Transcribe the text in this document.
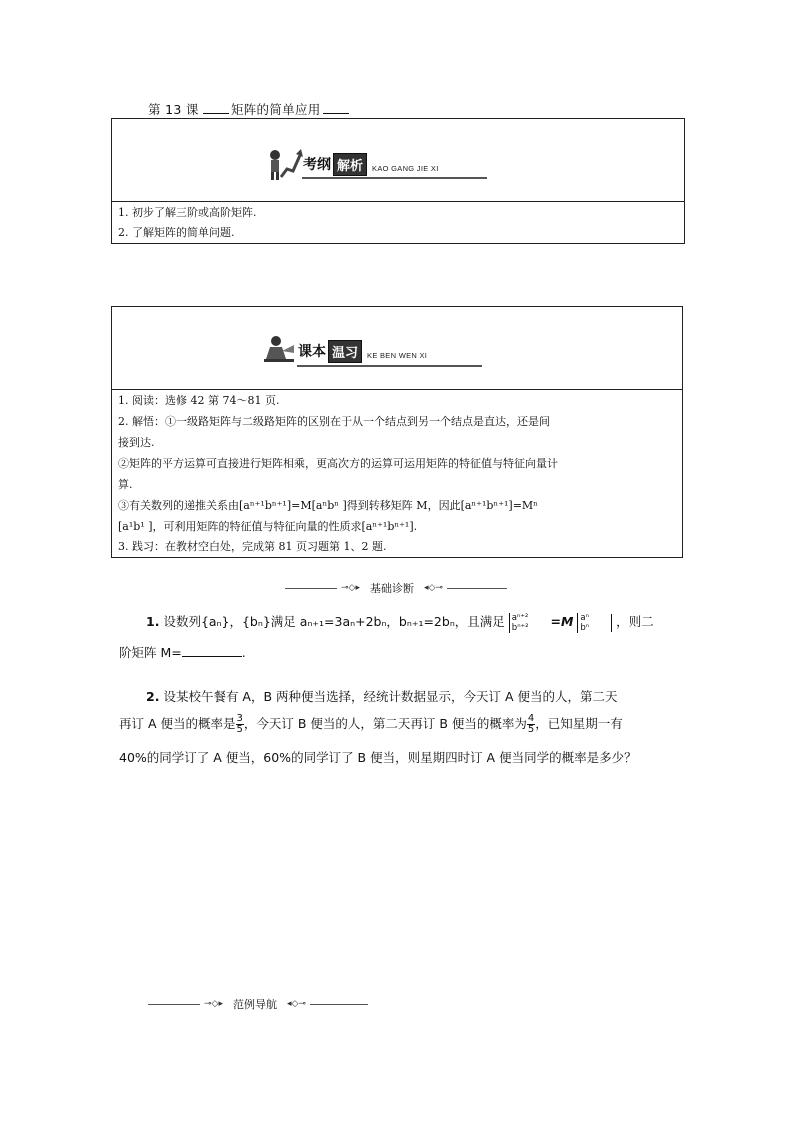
第 13 课	矩阵的简单应用
考纲 解析	KAO GANG JIE XI
1. 初步了解三阶或高阶矩阵.
2. 了解矩阵的简单问题.
课本 温习	KE BEN WEN XI
1. 阅读：选修 42 第 74～81 页.
2. 解悟：①一级路矩阵与二级路矩阵的区别在于从一个结点到另一个结点是直达，还是间
接到达.
②矩阵的平方运算可直接进行矩阵相乘，更高次方的运算可运用矩阵的特征值与特征向量计
算.
③有关数列的递推关系由[aⁿ⁺¹bⁿ⁺¹]=M[aⁿbⁿ ]得到转移矩阵 M，因此[aⁿ⁺¹bⁿ⁺¹]=Mⁿ
[a¹b¹ ]，可利用矩阵的特征值与特征向量的性质求[aⁿ⁺¹bⁿ⁺¹].
3. 践习：在教材空白处，完成第 81 页习题第 1、2 题.
⊸◇▸ 基础诊断 ◂◇⊸
1. 设数列{aₙ}，{bₙ}满足 aₙ₊₁=3aₙ+2bₙ，bₙ₊₁=2bₙ，且满足 aⁿ⁺²
bⁿ⁺² =M aⁿ
bⁿ ，则二
阶矩阵 M=	.
2. 设某校午餐有 A，B 两种便当选择，经统计数据显示，今天订 A 便当的人，第二天
再订 A 便当的概率是 $\frac{3}{5}$ ，今天订 B 便当的人，第二天再订 B 便当的概率为 $\frac{4}{5}$ ，已知星期一有
40%的同学订了 A 便当，60%的同学订了 B 便当，则星期四时订 A 便当同学的概率是多少？
⊸◇▸ 范例导航 ◂◇⊸
